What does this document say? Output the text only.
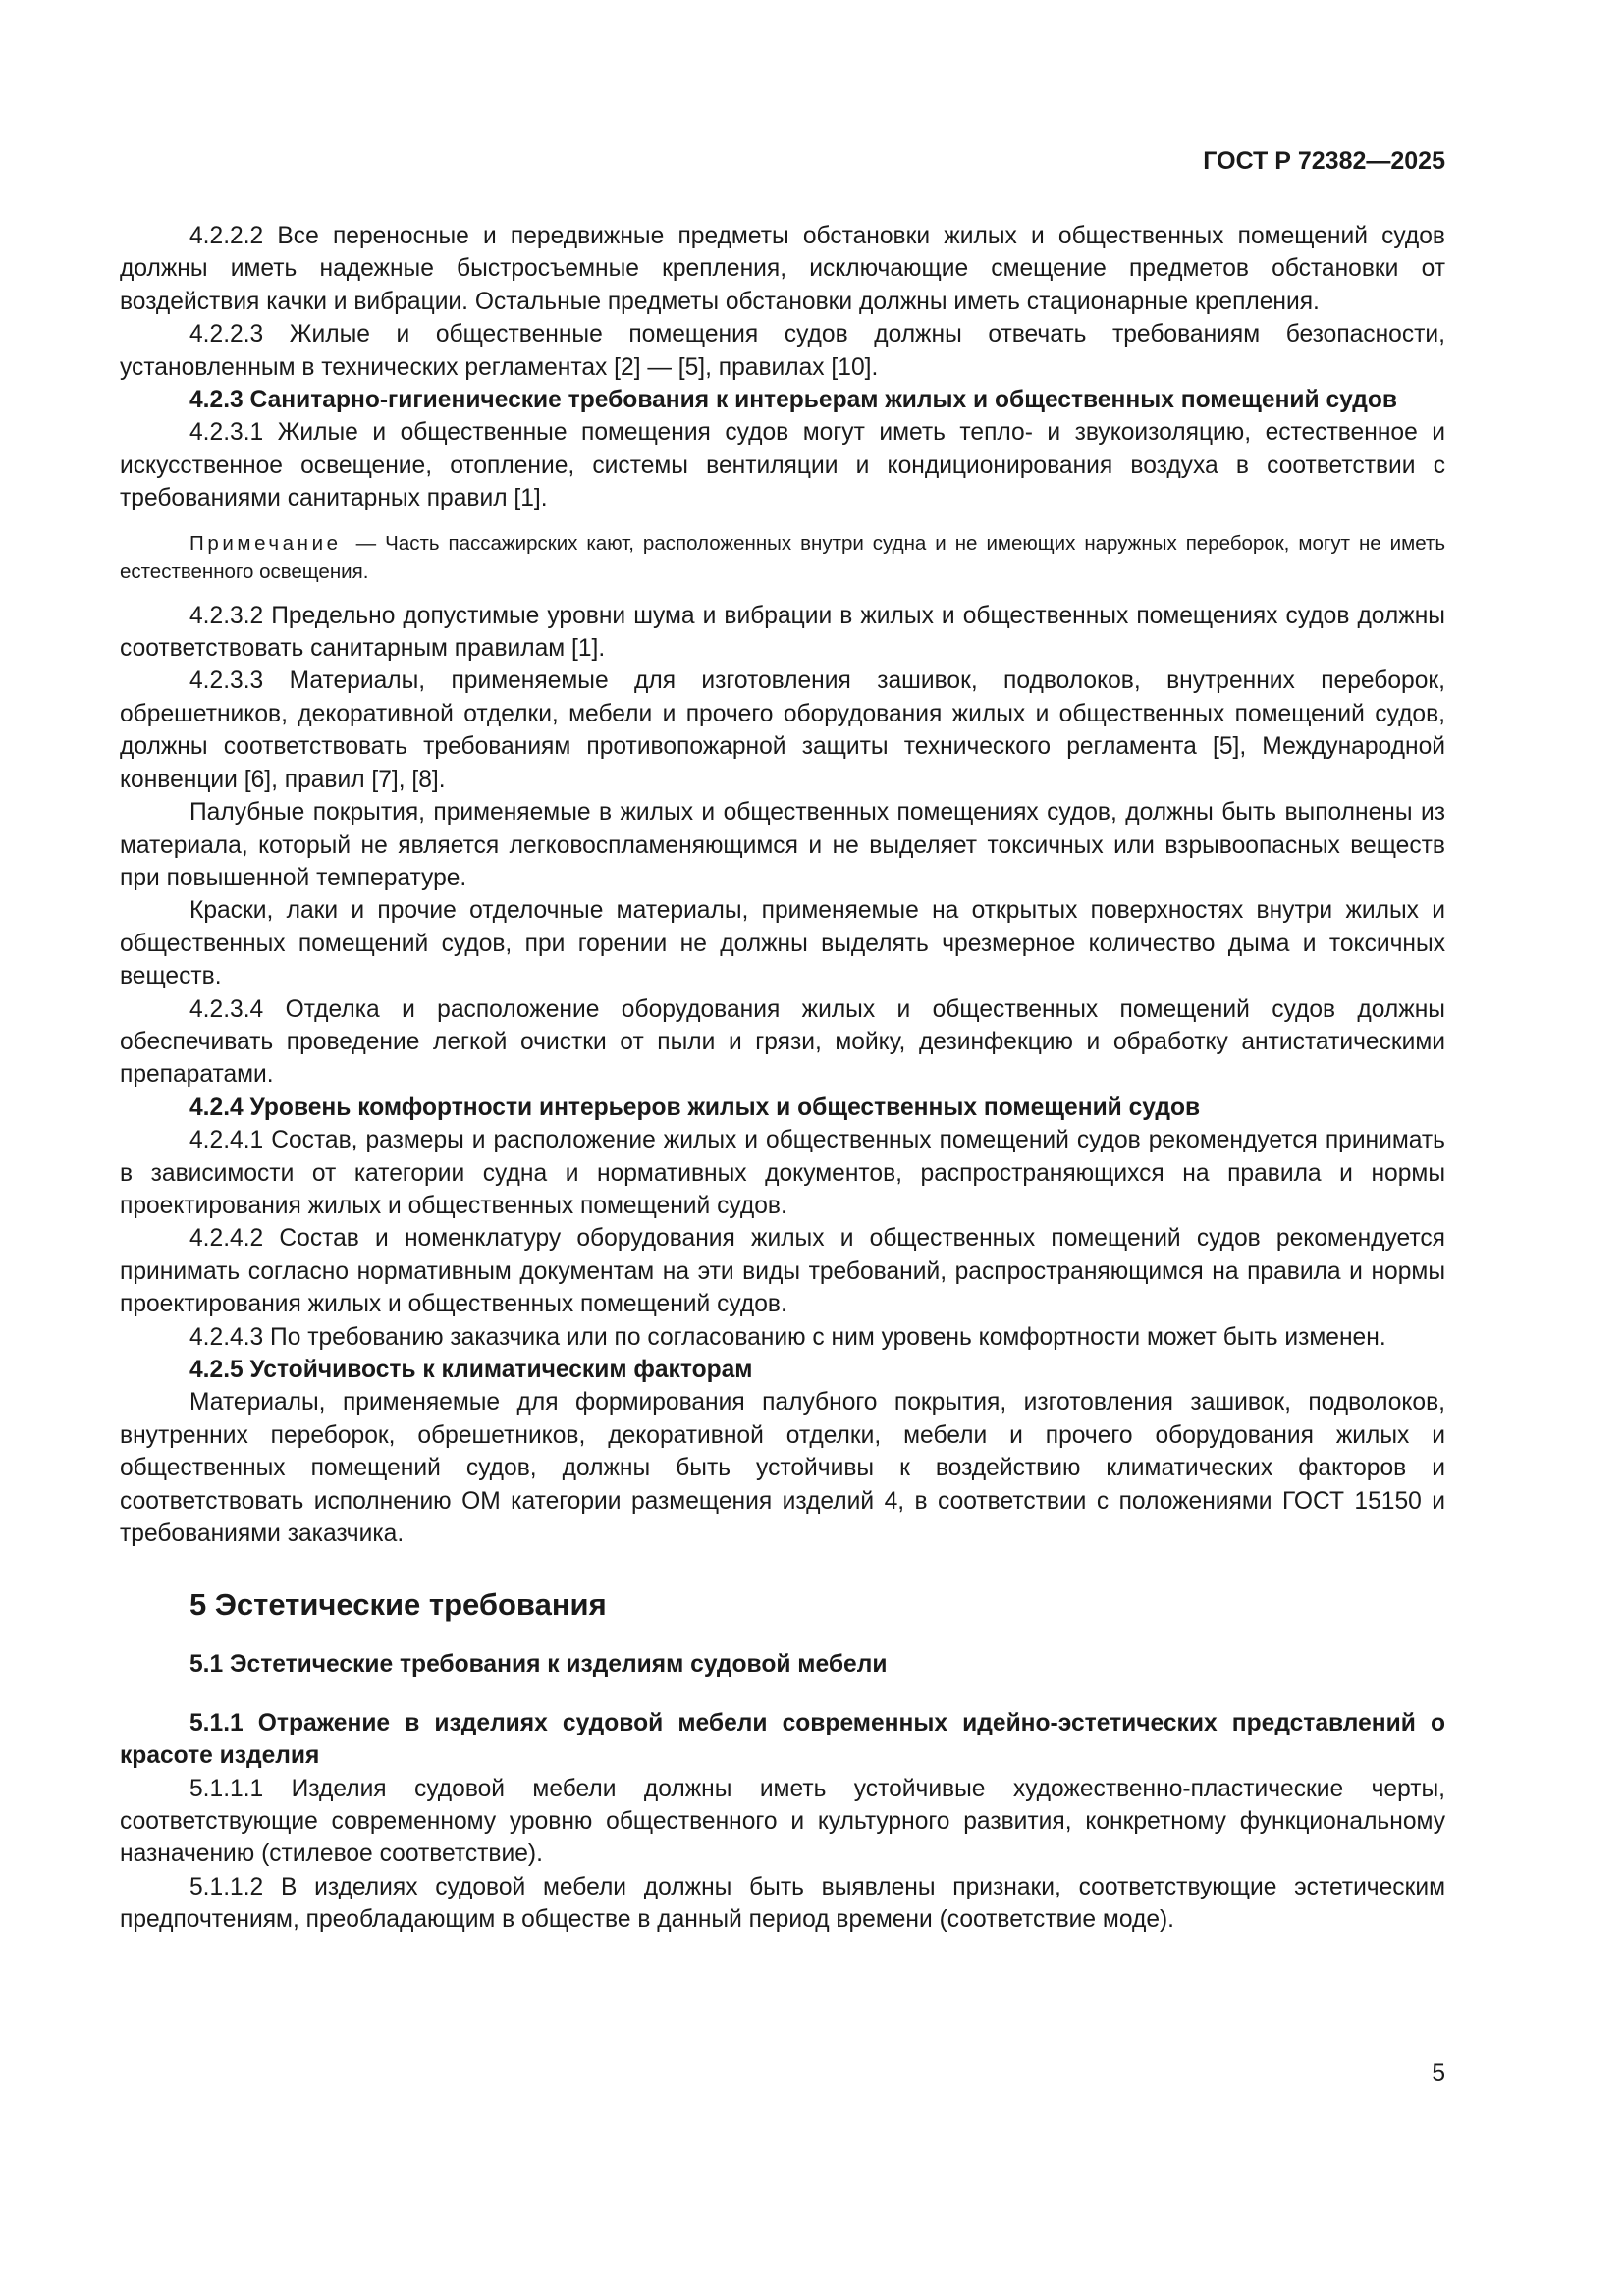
ГОСТ Р 72382—2025

4.2.2.2 Все переносные и передвижные предметы обстановки жилых и общественных помещений судов должны иметь надежные быстросъемные крепления, исключающие смещение предметов обстановки от воздействия качки и вибрации. Остальные предметы обстановки должны иметь стационарные крепления.

4.2.2.3 Жилые и общественные помещения судов должны отвечать требованиям безопасности, установленным в технических регламентах [2] — [5], правилах [10].

4.2.3 Санитарно-гигиенические требования к интерьерам жилых и общественных помещений судов

4.2.3.1 Жилые и общественные помещения судов могут иметь тепло- и звукоизоляцию, естественное и искусственное освещение, отопление, системы вентиляции и кондиционирования воздуха в соответствии с требованиями санитарных правил [1].

Примечание — Часть пассажирских кают, расположенных внутри судна и не имеющих наружных переборок, могут не иметь естественного освещения.

4.2.3.2 Предельно допустимые уровни шума и вибрации в жилых и общественных помещениях судов должны соответствовать санитарным правилам [1].

4.2.3.3 Материалы, применяемые для изготовления зашивок, подволоков, внутренних переборок, обрешетников, декоративной отделки, мебели и прочего оборудования жилых и общественных помещений судов, должны соответствовать требованиям противопожарной защиты технического регламента [5], Международной конвенции [6], правил [7], [8].

Палубные покрытия, применяемые в жилых и общественных помещениях судов, должны быть выполнены из материала, который не является легковоспламеняющимся и не выделяет токсичных или взрывоопасных веществ при повышенной температуре.

Краски, лаки и прочие отделочные материалы, применяемые на открытых поверхностях внутри жилых и общественных помещений судов, при горении не должны выделять чрезмерное количество дыма и токсичных веществ.

4.2.3.4 Отделка и расположение оборудования жилых и общественных помещений судов должны обеспечивать проведение легкой очистки от пыли и грязи, мойку, дезинфекцию и обработку антистатическими препаратами.

4.2.4 Уровень комфортности интерьеров жилых и общественных помещений судов

4.2.4.1 Состав, размеры и расположение жилых и общественных помещений судов рекомендуется принимать в зависимости от категории судна и нормативных документов, распространяющихся на правила и нормы проектирования жилых и общественных помещений судов.

4.2.4.2 Состав и номенклатуру оборудования жилых и общественных помещений судов рекомендуется принимать согласно нормативным документам на эти виды требований, распространяющимся на правила и нормы проектирования жилых и общественных помещений судов.

4.2.4.3 По требованию заказчика или по согласованию с ним уровень комфортности может быть изменен.

4.2.5 Устойчивость к климатическим факторам

Материалы, применяемые для формирования палубного покрытия, изготовления зашивок, подволоков, внутренних переборок, обрешетников, декоративной отделки, мебели и прочего оборудования жилых и общественных помещений судов, должны быть устойчивы к воздействию климатических факторов и соответствовать исполнению ОМ категории размещения изделий 4, в соответствии с положениями ГОСТ 15150 и требованиями заказчика.

5 Эстетические требования
5.1 Эстетические требования к изделиям судовой мебели

5.1.1 Отражение в изделиях судовой мебели современных идейно-эстетических представлений о красоте изделия

5.1.1.1 Изделия судовой мебели должны иметь устойчивые художественно-пластические черты, соответствующие современному уровню общественного и культурного развития, конкретному функциональному назначению (стилевое соответствие).

5.1.1.2 В изделиях судовой мебели должны быть выявлены признаки, соответствующие эстетическим предпочтениям, преобладающим в обществе в данный период времени (соответствие моде).

5
